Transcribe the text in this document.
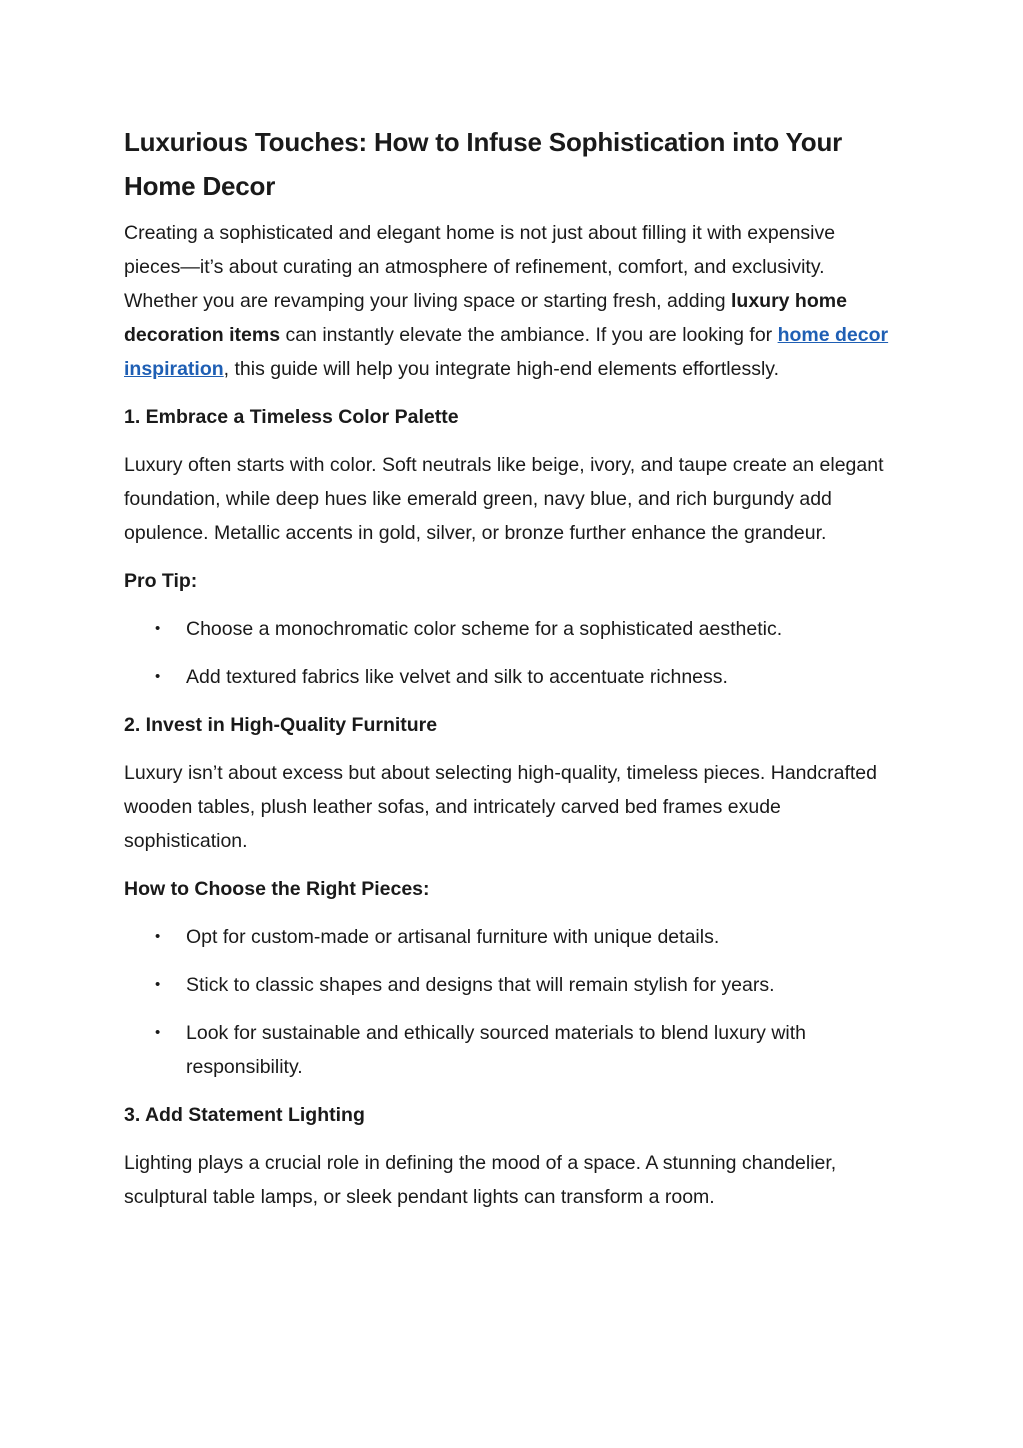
Luxurious Touches: How to Infuse Sophistication into Your Home Decor

Creating a sophisticated and elegant home is not just about filling it with expensive pieces—it’s about curating an atmosphere of refinement, comfort, and exclusivity. Whether you are revamping your living space or starting fresh, adding luxury home decoration items can instantly elevate the ambiance. If you are looking for home decor inspiration, this guide will help you integrate high-end elements effortlessly.

1. Embrace a Timeless Color Palette

Luxury often starts with color. Soft neutrals like beige, ivory, and taupe create an elegant foundation, while deep hues like emerald green, navy blue, and rich burgundy add opulence. Metallic accents in gold, silver, or bronze further enhance the grandeur.

Pro Tip:

• Choose a monochromatic color scheme for a sophisticated aesthetic.
• Add textured fabrics like velvet and silk to accentuate richness.
2. Invest in High-Quality Furniture

Luxury isn’t about excess but about selecting high-quality, timeless pieces. Handcrafted wooden tables, plush leather sofas, and intricately carved bed frames exude sophistication.

How to Choose the Right Pieces:

• Opt for custom-made or artisanal furniture with unique details.
• Stick to classic shapes and designs that will remain stylish for years.
• Look for sustainable and ethically sourced materials to blend luxury with responsibility.
3. Add Statement Lighting

Lighting plays a crucial role in defining the mood of a space. A stunning chandelier, sculptural table lamps, or sleek pendant lights can transform a room.
